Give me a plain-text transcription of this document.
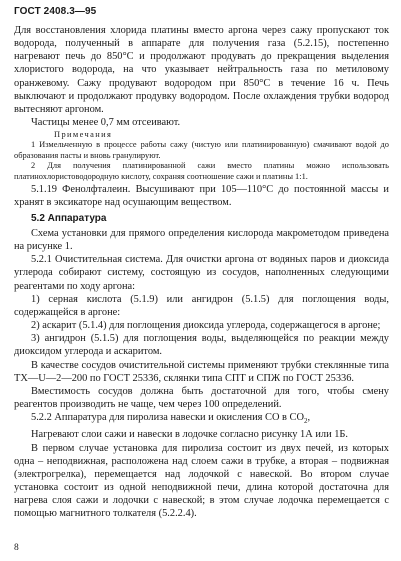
ГОСТ 2408.3—95

Для восстановления хлорида платины вместо аргона через сажу пропускают ток водорода, полученный в аппарате для получения газа (5.2.15), постепенно нагревают печь до 850°С и продолжают продувать до прекращения выделения хлористого водорода, на что указывает нейтральность газа по метиловому оранжевому. Сажу продувают водородом при 850°С в течение 16 ч. Печь выключают и продолжают продувку водородом. После охлаждения трубки водород вытесняют аргоном.

Частицы менее 0,7 мм отсеивают.

Примечания

1 Измельченную в процессе работы сажу (чистую или платинированную) смачивают водой до образования пасты и вновь гранулируют.

2 Для получения платинированной сажи вместо платины можно использовать платинохлористоводородную кислоту, сохраняя соотношение сажи и платины 1:1.

5.1.19 Фенолфталеин. Высушивают при 105—110°С до постоянной массы и хранят в эксикаторе над осушающим веществом.

5.2 Аппаратура

Схема установки для прямого определения кислорода макрометодом приведена на рисунке 1.

5.2.1 Очистительная система. Для очистки аргона от водяных паров и диоксида углерода собирают систему, состоящую из сосудов, наполненных следующими реагентами по ходу аргона:

1) серная кислота (5.1.9) или ангидрон (5.1.5) для поглощения воды, содержащейся в аргоне:

2) аскарит (5.1.4) для поглощения диоксида углерода, содержащегося в аргоне;

3) ангидрон (5.1.5) для поглощения воды, выделяющейся по реакции между диоксидом углерода и аскаритом.

В качестве сосудов очистительной системы применяют трубки стеклянные типа ТХ—U—2—200 по ГОСТ 25336, склянки типа СПТ и СПЖ по ГОСТ 25336.

Вместимость сосудов должна быть достаточной для того, чтобы смену реагентов производить не чаще, чем через 100 определений.

5.2.2 Аппаратура для пиролиза навески и окисления СО в $СО_2$,

Нагревают слои сажи и навески в лодочке согласно рисунку 1А или 1Б.

В первом случае установка для пиролиза состоит из двух печей, из которых одна – неподвижная, расположена над слоем сажи в трубке, а вторая – подвижная (электрогрелка), перемещается над лодочкой с навеской. Во втором случае установка состоит из одной неподвижной печи, длина которой достаточна для нагрева слоя сажи и лодочки с навеской; в этом случае лодочка перемещается с помощью магнитного толкателя (5.2.2.4).

8
